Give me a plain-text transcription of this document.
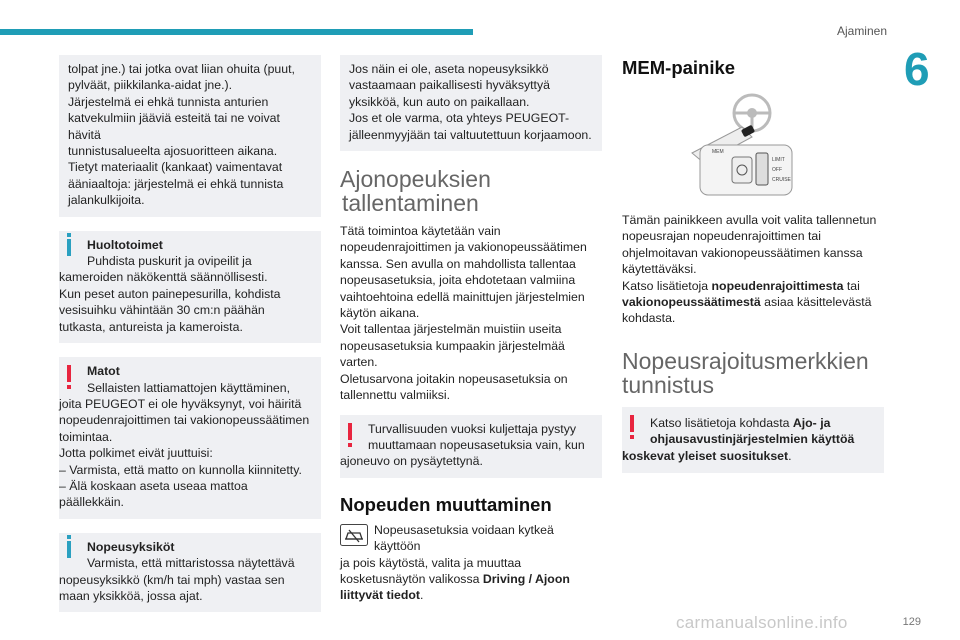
Ajaminen
6

tolpat jne.) tai jotka ovat liian ohuita (puut,

pylväät, piikkilanka-aidat jne.).

Järjestelmä ei ehkä tunnista anturien

katvekulmiin jääviä esteitä tai ne voivat hävitä

tunnistusalueelta ajosuoritteen aikana.

Tietyt materiaalit (kankaat) vaimentavat

ääniaaltoja: järjestelmä ei ehkä tunnista

jalankulkijoita.

Huoltotoimet

Puhdista puskurit ja ovipeilit ja

kameroiden näkökenttä säännöllisesti.

Kun peset auton painepesurilla, kohdista

vesisuihku vähintään 30 cm:n päähän

tutkasta, antureista ja kameroista.

Matot

Sellaisten lattiamattojen käyttäminen,

joita PEUGEOT ei ole hyväksynyt, voi häiritä

nopeudenrajoittimen tai vakionopeussäätimen

toimintaa.

Jotta polkimet eivät juuttuisi:

– Varmista, että matto on kunnolla kiinnitetty.

– Älä koskaan aseta useaa mattoa

päällekkäin.

Nopeusyksiköt

Varmista, että mittaristossa näytettävä

nopeusyksikkö (km/h tai mph) vastaa sen

maan yksikköä, jossa ajat.

Jos näin ei ole, aseta nopeusyksikkö

vastaamaan paikallisesti hyväksyttyä

yksikköä, kun auto on paikallaan.

Jos et ole varma, ota yhteys PEUGEOT-

jälleenmyyjään tai valtuutettuun korjaamoon.

Ajonopeuksien
tallentaminen

Tätä toimintoa käytetään vain

nopeudenrajoittimen ja vakionopeussäätimen

kanssa. Sen avulla on mahdollista tallentaa

nopeusasetuksia, joita ehdotetaan valmiina

vaihtoehtoina edellä mainittujen järjestelmien

käytön aikana.

Voit tallentaa järjestelmän muistiin useita

nopeusasetuksia kumpaakin järjestelmää varten.

Oletusarvona joitakin nopeusasetuksia on

tallennettu valmiiksi.

Turvallisuuden vuoksi kuljettaja pystyy

muuttamaan nopeusasetuksia vain, kun

ajoneuvo on pysäytettynä.

Nopeuden muuttaminen

Nopeusasetuksia voidaan kytkeä käyttöön

ja pois käytöstä, valita ja muuttaa

kosketusnäytön valikossa Driving / Ajoon

liittyvät tiedot.

MEM-painike
MEM
LIMIT
OFF
CRUISE

Tämän painikkeen avulla voit valita tallennetun

nopeusrajan nopeudenrajoittimen tai

ohjelmoitavan vakionopeussäätimen kanssa

käytettäväksi.

Katso lisätietoja nopeudenrajoittimesta tai

vakionopeussäätimestä asiaa käsittelevästä

kohdasta.

Nopeusrajoitusmerkkien
tunnistus

Katso lisätietoja kohdasta Ajo- ja

ohjausavustinjärjestelmien käyttöä

koskevat yleiset suositukset.

carmanualsonline.info	129
